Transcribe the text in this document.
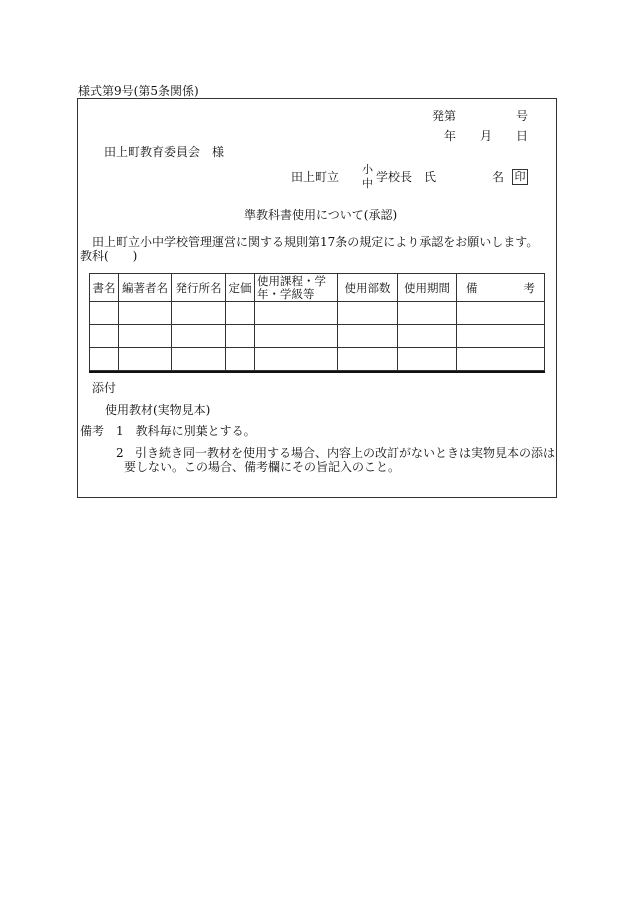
様式第9号(第5条関係)
発第	号
年 月 日
田上町教育委員会　様
田上町立
小
中 学校長　氏	名 印
準教科書使用について(承認)
田上町立小中学校管理運営に関する規則第17条の規定により承認をお願いします。
教科(　　)
書名	編著者名	発行所名	定価	使用課程・学年・学級等	使用部数	使用期間	備　　　　考

添付
使用教材(実物見本)
備考 1　教科毎に別葉とする。
2 引き続き同一教材を使用する場合、内容上の改訂がないときは実物見本の添は
要しない。この場合、備考欄にその旨記入のこと。
